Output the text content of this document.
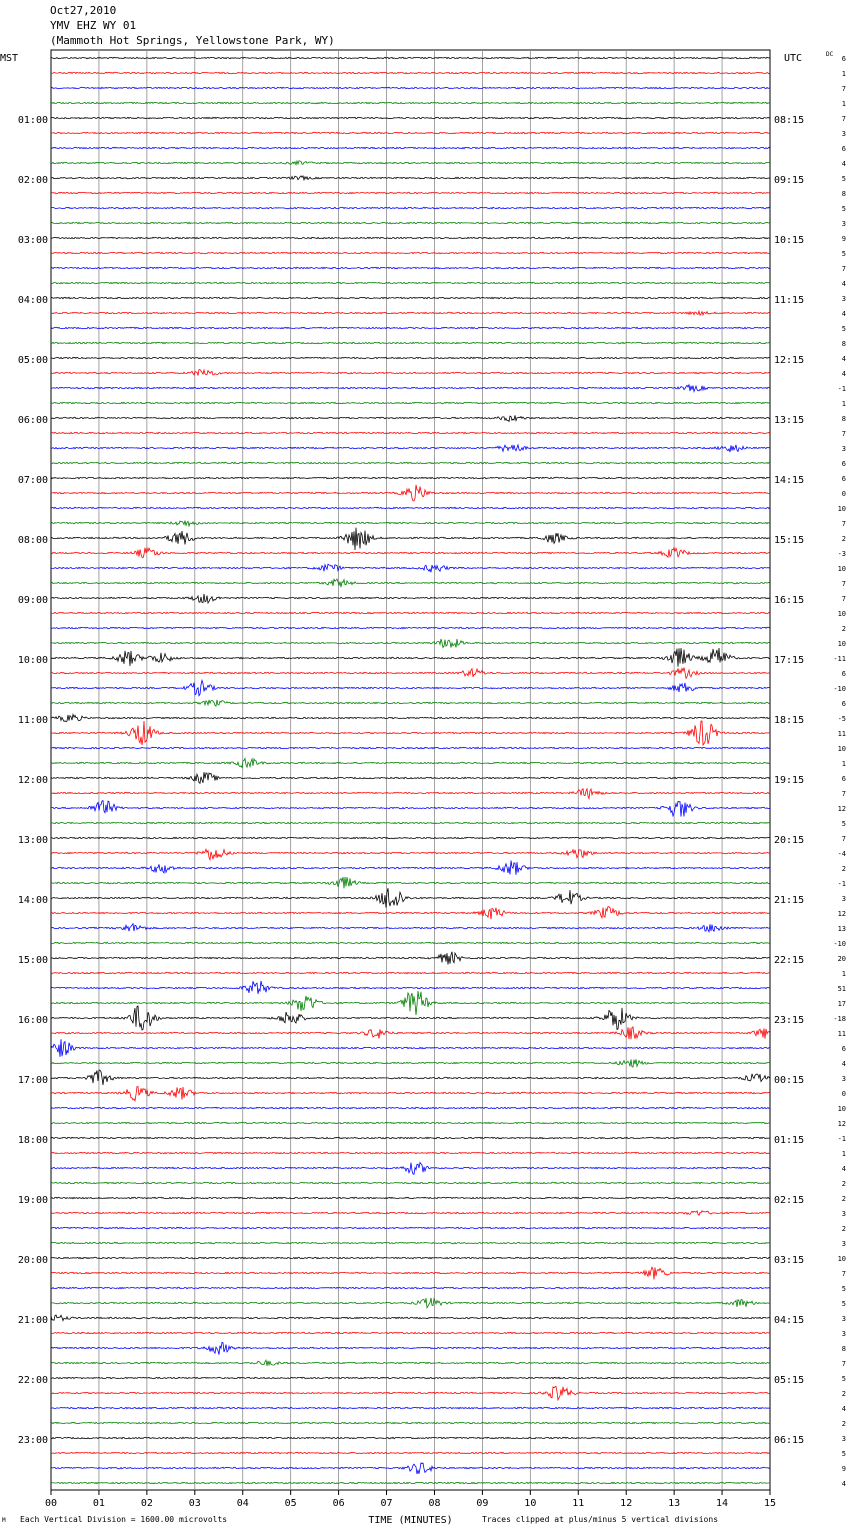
Oct27,2010
YMV EHZ WY 01
(Mammoth Hot Springs, Yellowstone Park, WY)
MST
01:00
02:00
03:00
04:00
05:00
06:00
07:00
08:00
09:00
10:00
11:00
12:00
13:00
14:00
15:00
16:00
17:00
18:00
19:00
20:00
21:00
22:00
23:00
UTC
08:15
09:15
10:15
11:15
12:15
13:15
14:15
15:15
16:15
17:15
18:15
19:15
20:15
21:15
22:15
23:15
00:15
01:15
02:15
03:15
04:15
05:15
06:15
DC
6
1
7
1
7
3
6
4
5
8
5
3
9
5
7
4
3
4
5
8
4
4
-1
1
8
7
3
6
6
0
10
7
2
-3
10
7
7
10
2
10
-11
6
-10
6
-5
11
10
1
6
7
12
5
7
-4
2
-1
3
12
13
-10
20
1
51
17
-18
11
6
4
3
0
10
12
-1
1
4
2
2
3
2
3
10
7
5
5
3
3
8
7
5
2
4
2
3
5
9
4
00	01	02	03	04	05	06	07	08	09	10	11	12	13	14	15
TIME (MINUTES)
Each Vertical Division = 1600.00 microvolts	Traces clipped at plus/minus 5 vertical divisions
M
